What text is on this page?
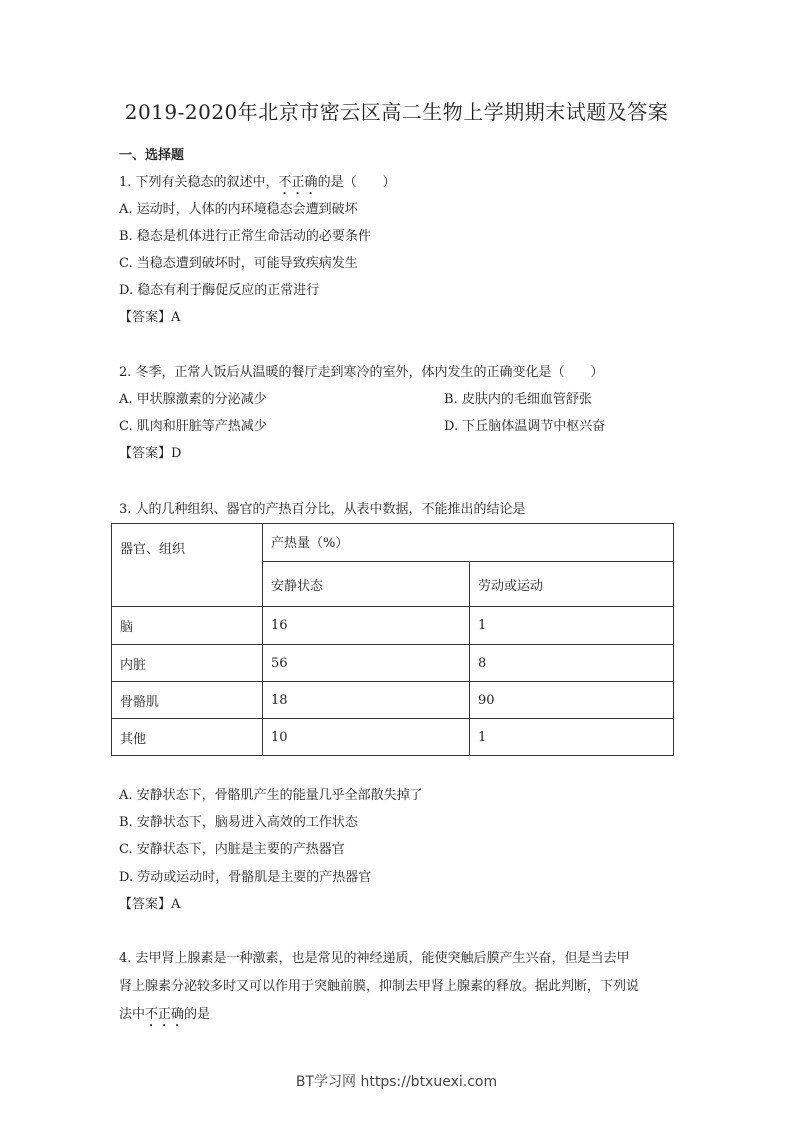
2019-2020年北京市密云区高二生物上学期期末试题及答案
一、选择题
1. 下列有关稳态的叙述中，不正确的是（　　）
A. 运动时，人体的内环境稳态会遭到破坏
B. 稳态是机体进行正常生命活动的必要条件
C. 当稳态遭到破坏时，可能导致疾病发生
D. 稳态有利于酶促反应的正常进行
【答案】A
2. 冬季，正常人饭后从温暖的餐厅走到寒冷的室外，体内发生的正确变化是（　　）
A. 甲状腺激素的分泌减少	B. 皮肤内的毛细血管舒张
C. 肌肉和肝脏等产热减少	D. 下丘脑体温调节中枢兴奋
【答案】D
3. 人的几种组织、器官的产热百分比，从表中数据，不能推出的结论是
器官、组织	产热量（%）	
	安静状态	劳动或运动
脑	16	1
内脏	56	8
骨骼肌	18	90
其他	10	1
A. 安静状态下，骨骼肌产生的能量几乎全部散失掉了
B. 安静状态下，脑易进入高效的工作状态
C. 安静状态下，内脏是主要的产热器官
D. 劳动或运动时，骨骼肌是主要的产热器官
【答案】A
4. 去甲肾上腺素是一种激素，也是常见的神经递质，能使突触后膜产生兴奋，但是当去甲
肾上腺素分泌较多时又可以作用于突触前膜，抑制去甲肾上腺素的释放。据此判断，下列说
法中不正确的是
BT学习网 https://btxuexi.com
